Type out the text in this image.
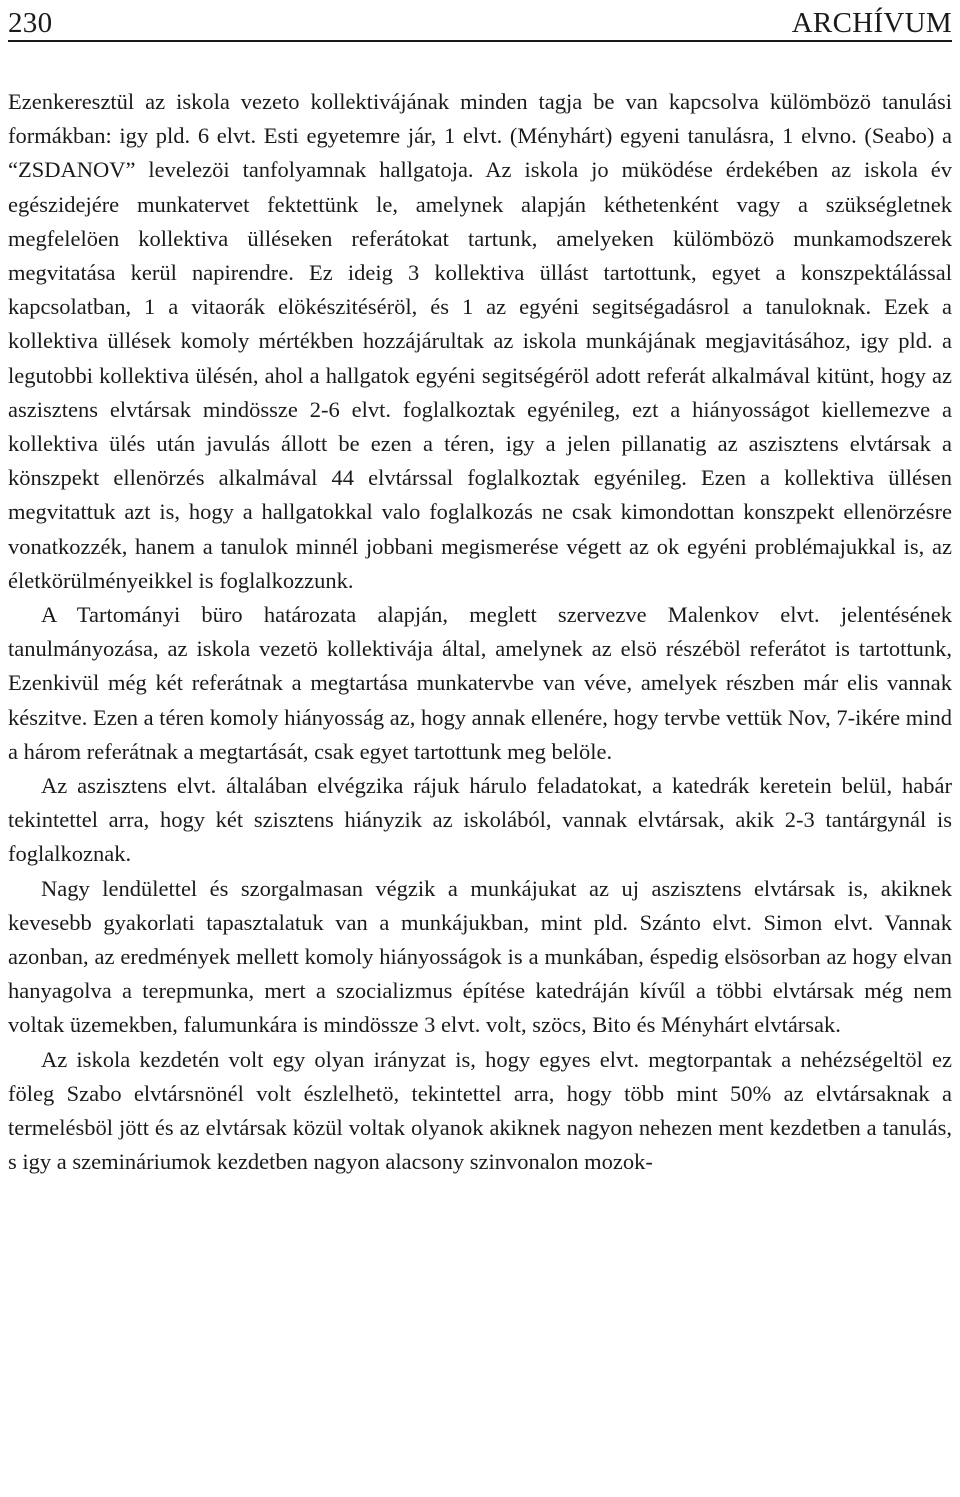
230	ARCHÍVUM

Ezenkeresztül az iskola vezeto kollektivájának minden tagja be van kapcsolva külömbözö tanulási formákban: igy pld. 6 elvt. Esti egyetemre jár, 1 elvt. (Ményhárt) egyeni tanulásra, 1 elvno. (Seabo) a “ZSDANOV” levelezöi tanfolyamnak hallgatoja. Az iskola jo müködése érdekében az iskola év egészidejére munkatervet fektettünk le, amelynek alapján kéthetenként vagy a szükségletnek megfelelöen kollektiva ülléseken referátokat tartunk, amelyeken külömbözö munkamodszerek megvitatása kerül napirendre. Ez ideig 3 kollektiva üllást tartottunk, egyet a konszpektálással kapcsolatban, 1 a vitaorák elökészitéséröl, és 1 az egyéni segitségadásrol a tanuloknak. Ezek a kollektiva üllések komoly mértékben hozzájárultak az iskola munkájának megjavitásához, igy pld. a legutobbi kollektiva ülésén, ahol a hallgatok egyéni segitségéröl adott referát alkalmával kitünt, hogy az aszisztens elvtársak mindössze 2-6 elvt. foglalkoztak egyénileg, ezt a hiányosságot kiellemezve a kollektiva ülés után javulás állott be ezen a téren, igy a jelen pillanatig az aszisztens elvtársak a könszpekt ellenörzés alkalmával 44 elvtárssal foglalkoztak egyénileg. Ezen a kollektiva üllésen megvitattuk azt is, hogy a hallgatokkal valo foglalkozás ne csak kimondottan konszpekt ellenörzésre vonatkozzék, hanem a tanulok minnél jobbani megismerése végett az ok egyéni problémajukkal is, az életkörülményeikkel is foglalkozzunk.

A Tartományi büro határozata alapján, meglett szervezve Malenkov elvt. jelentésének tanulmányozása, az iskola vezetö kollektivája által, amelynek az elsö részéböl referátot is tartottunk, Ezenkivül még két referátnak a megtartása munkatervbe van véve, amelyek részben már elis vannak készitve. Ezen a téren komoly hiányosság az, hogy annak ellenére, hogy tervbe vettük Nov, 7-ikére mind a három referátnak a megtartását, csak egyet tartottunk meg belöle.

Az aszisztens elvt. általában elvégzika rájuk hárulo feladatokat, a katedrák keretein belül, habár tekintettel arra, hogy két szisztens hiányzik az iskolából, vannak elvtársak, akik 2-3 tantárgynál is foglalkoznak.

Nagy lendülettel és szorgalmasan végzik a munkájukat az uj aszisztens elvtársak is, akiknek kevesebb gyakorlati tapasztalatuk van a munkájukban, mint pld. Szánto elvt. Simon elvt. Vannak azonban, az eredmények mellett komoly hiányosságok is a munkában, éspedig elsösorban az hogy elvan hanyagolva a terepmunka, mert a szocializmus építése katedráján kívűl a többi elvtársak még nem voltak üzemekben, falumunkára is mindössze 3 elvt. volt, szöcs, Bito és Ményhárt elvtársak.

Az iskola kezdetén volt egy olyan irányzat is, hogy egyes elvt. megtorpantak a nehézségeltöl ez föleg Szabo elvtársnönél volt észlelhetö, tekintettel arra, hogy több mint 50% az elvtársaknak a termelésböl jött és az elvtársak közül voltak olyanok akiknek nagyon nehezen ment kezdetben a tanulás, s igy a szemináriumok kezdetben nagyon alacsony szinvonalon mozok-
